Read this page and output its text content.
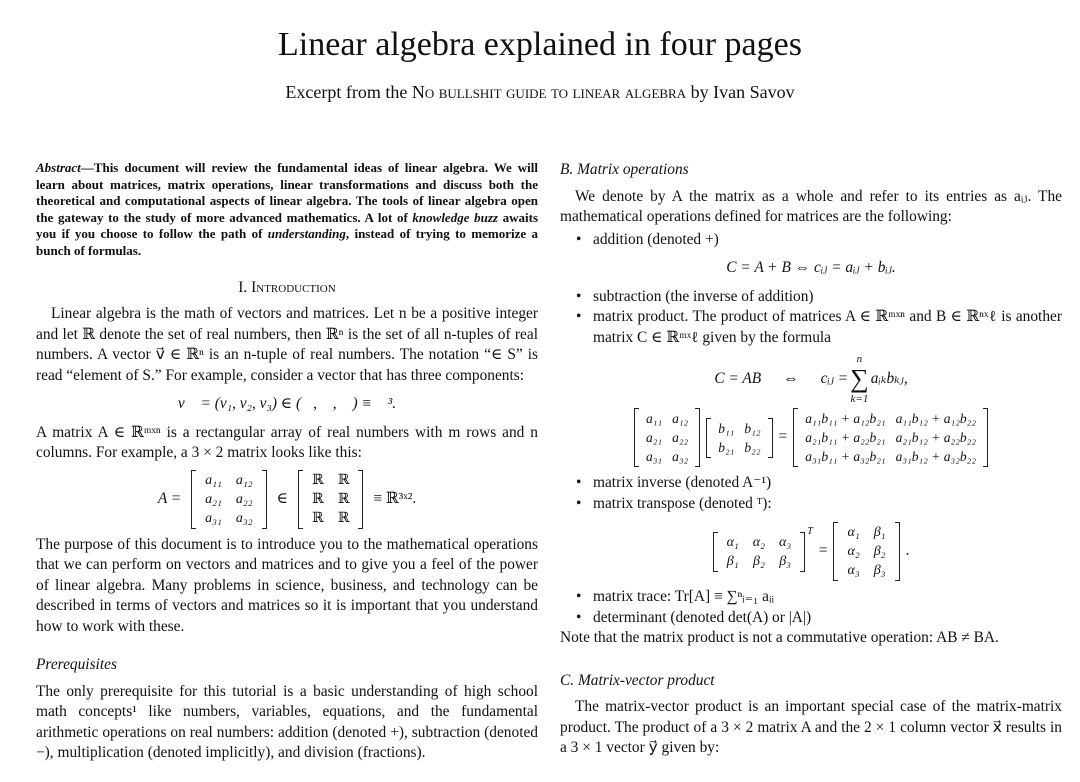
Linear algebra explained in four pages
Excerpt from the No bullshit guide to linear algebra by Ivan Savov

Abstract—This document will review the fundamental ideas of linear algebra. We will learn about matrices, matrix operations, linear transformations and discuss both the theoretical and computational aspects of linear algebra. The tools of linear algebra open the gateway to the study of more advanced mathematics. A lot of knowledge buzz awaits you if you choose to follow the path of understanding, instead of trying to memorize a bunch of formulas.

I. Introduction

Linear algebra is the math of vectors and matrices. Let n be a positive integer and let ℝ denote the set of real numbers, then ℝⁿ is the set of all n-tuples of real numbers. A vector v⃗ ∈ ℝⁿ is an n-tuple of real numbers. The notation “∈ S” is read “element of S.” For example, consider a vector that has three components:

v⃗ = (v₁, v₂, v₃) ∈ (ℝ, ℝ, ℝ) ≡ ℝ³.

A matrix A ∈ ℝᵐˣⁿ is a rectangular array of real numbers with m rows and n columns. For example, a 3 × 2 matrix looks like this:

A =
a₁₁	a₁₂
a₂₁	a₂₂
a₃₁	a₃₂
∈
ℝ	ℝ
ℝ	ℝ
ℝ	ℝ
≡ ℝ³ˣ².

The purpose of this document is to introduce you to the mathematical operations that we can perform on vectors and matrices and to give you a feel of the power of linear algebra. Many problems in science, business, and technology can be described in terms of vectors and matrices so it is important that you understand how to work with these.

Prerequisites

The only prerequisite for this tutorial is a basic understanding of high school math concepts¹ like numbers, variables, equations, and the fundamental arithmetic operations on real numbers: addition (denoted +), subtraction (denoted −), multiplication (denoted implicitly), and division (fractions).

B. Matrix operations

We denote by A the matrix as a whole and refer to its entries as aᵢⱼ. The mathematical operations defined for matrices are the following:

• addition (denoted +)
C = A + B ⇔ cᵢⱼ = aᵢⱼ + bᵢⱼ.
• subtraction (the inverse of addition)
• matrix product. The product of matrices A ∈ ℝᵐˣⁿ and B ∈ ℝⁿˣℓ is another matrix C ∈ ℝᵐˣℓ given by the formula
C = AB ⇔ cᵢⱼ =
n
∑
k=1
aᵢₖbₖⱼ,
a₁₁	a₁₂
a₂₁	a₂₂
a₃₁	a₃₂
b₁₁	b₁₂
b₂₁	b₂₂
=
a₁₁b₁₁ + a₁₂b₂₁	a₁₁b₁₂ + a₁₂b₂₂
a₂₁b₁₁ + a₂₂b₂₁	a₂₁b₁₂ + a₂₂b₂₂
a₃₁b₁₁ + a₃₂b₂₁	a₃₁b₁₂ + a₃₂b₂₂
• matrix inverse (denoted A⁻¹)
• matrix transpose (denoted ᵀ):
α₁	α₂	α₃
β₁	β₂	β₃
$^T$
=
α₁	β₁
α₂	β₂
α₃	β₃
.
• matrix trace: Tr[A] ≡ ∑ⁿᵢ₌₁ aᵢᵢ
• determinant (denoted det(A) or |A|)

Note that the matrix product is not a commutative operation: AB ≠ BA.

C. Matrix-vector product

The matrix-vector product is an important special case of the matrix-matrix product. The product of a 3 × 2 matrix A and the 2 × 1 column vector x⃗ results in a 3 × 1 vector y⃗ given by:
